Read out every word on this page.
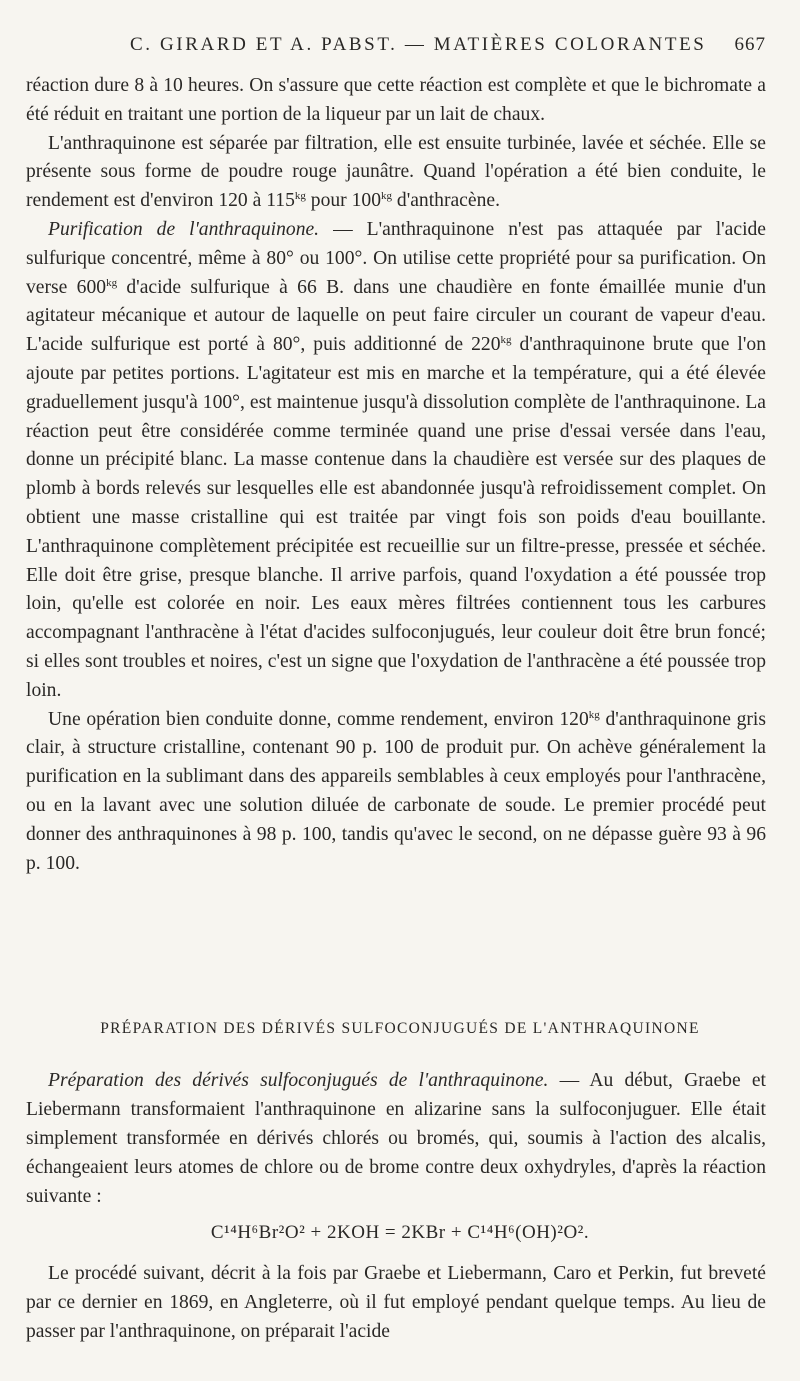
C. GIRARD ET A. PABST. — MATIÈRES COLORANTES 667

réaction dure 8 à 10 heures. On s'assure que cette réaction est complète et que le bichromate a été réduit en traitant une portion de la liqueur par un lait de chaux.

L'anthraquinone est séparée par filtration, elle est ensuite turbinée, lavée et séchée. Elle se présente sous forme de poudre rouge jaunâtre. Quand l'opération a été bien conduite, le rendement est d'environ 120 à $115^{kg}$ pour $100^{kg}$ d'anthracène.

Purification de l'anthraquinone. — L'anthraquinone n'est pas attaquée par l'acide sulfurique concentré, même à 80° ou 100°. On utilise cette propriété pour sa purification. On verse $600^{kg}$ d'acide sulfurique à 66 B. dans une chaudière en fonte émaillée munie d'un agitateur mécanique et autour de laquelle on peut faire circuler un courant de vapeur d'eau. L'acide sulfurique est porté à 80°, puis additionné de $220^{kg}$ d'anthraquinone brute que l'on ajoute par petites portions. L'agitateur est mis en marche et la température, qui a été élevée graduellement jusqu'à 100°, est maintenue jusqu'à dissolution complète de l'anthraquinone. La réaction peut être considérée comme terminée quand une prise d'essai versée dans l'eau, donne un précipité blanc. La masse contenue dans la chaudière est versée sur des plaques de plomb à bords relevés sur lesquelles elle est abandonnée jusqu'à refroidissement complet. On obtient une masse cristalline qui est traitée par vingt fois son poids d'eau bouillante. L'anthraquinone complètement précipitée est recueillie sur un filtre-presse, pressée et séchée. Elle doit être grise, presque blanche. Il arrive parfois, quand l'oxydation a été poussée trop loin, qu'elle est colorée en noir. Les eaux mères filtrées contiennent tous les carbures accompagnant l'anthracène à l'état d'acides sulfoconjugués, leur couleur doit être brun foncé; si elles sont troubles et noires, c'est un signe que l'oxydation de l'anthracène a été poussée trop loin.

Une opération bien conduite donne, comme rendement, environ $120^{kg}$ d'anthraquinone gris clair, à structure cristalline, contenant 90 p. 100 de produit pur. On achève généralement la purification en la sublimant dans des appareils semblables à ceux employés pour l'anthracène, ou en la lavant avec une solution diluée de carbonate de soude. Le premier procédé peut donner des anthraquinones à 98 p. 100, tandis qu'avec le second, on ne dépasse guère 93 à 96 p. 100.

PRÉPARATION DES DÉRIVÉS SULFOCONJUGUÉS DE L'ANTHRAQUINONE

Préparation des dérivés sulfoconjugués de l'anthraquinone. — Au début, Graebe et Liebermann transformaient l'anthraquinone en alizarine sans la sulfoconjuguer. Elle était simplement transformée en dérivés chlorés ou bromés, qui, soumis à l'action des alcalis, échangeaient leurs atomes de chlore ou de brome contre deux oxhydryles, d'après la réaction suivante :

C¹⁴H⁶Br²O² + 2KOH = 2KBr + C¹⁴H⁶(OH)²O².

Le procédé suivant, décrit à la fois par Graebe et Liebermann, Caro et Perkin, fut breveté par ce dernier en 1869, en Angleterre, où il fut employé pendant quelque temps. Au lieu de passer par l'anthraquinone, on préparait l'acide
